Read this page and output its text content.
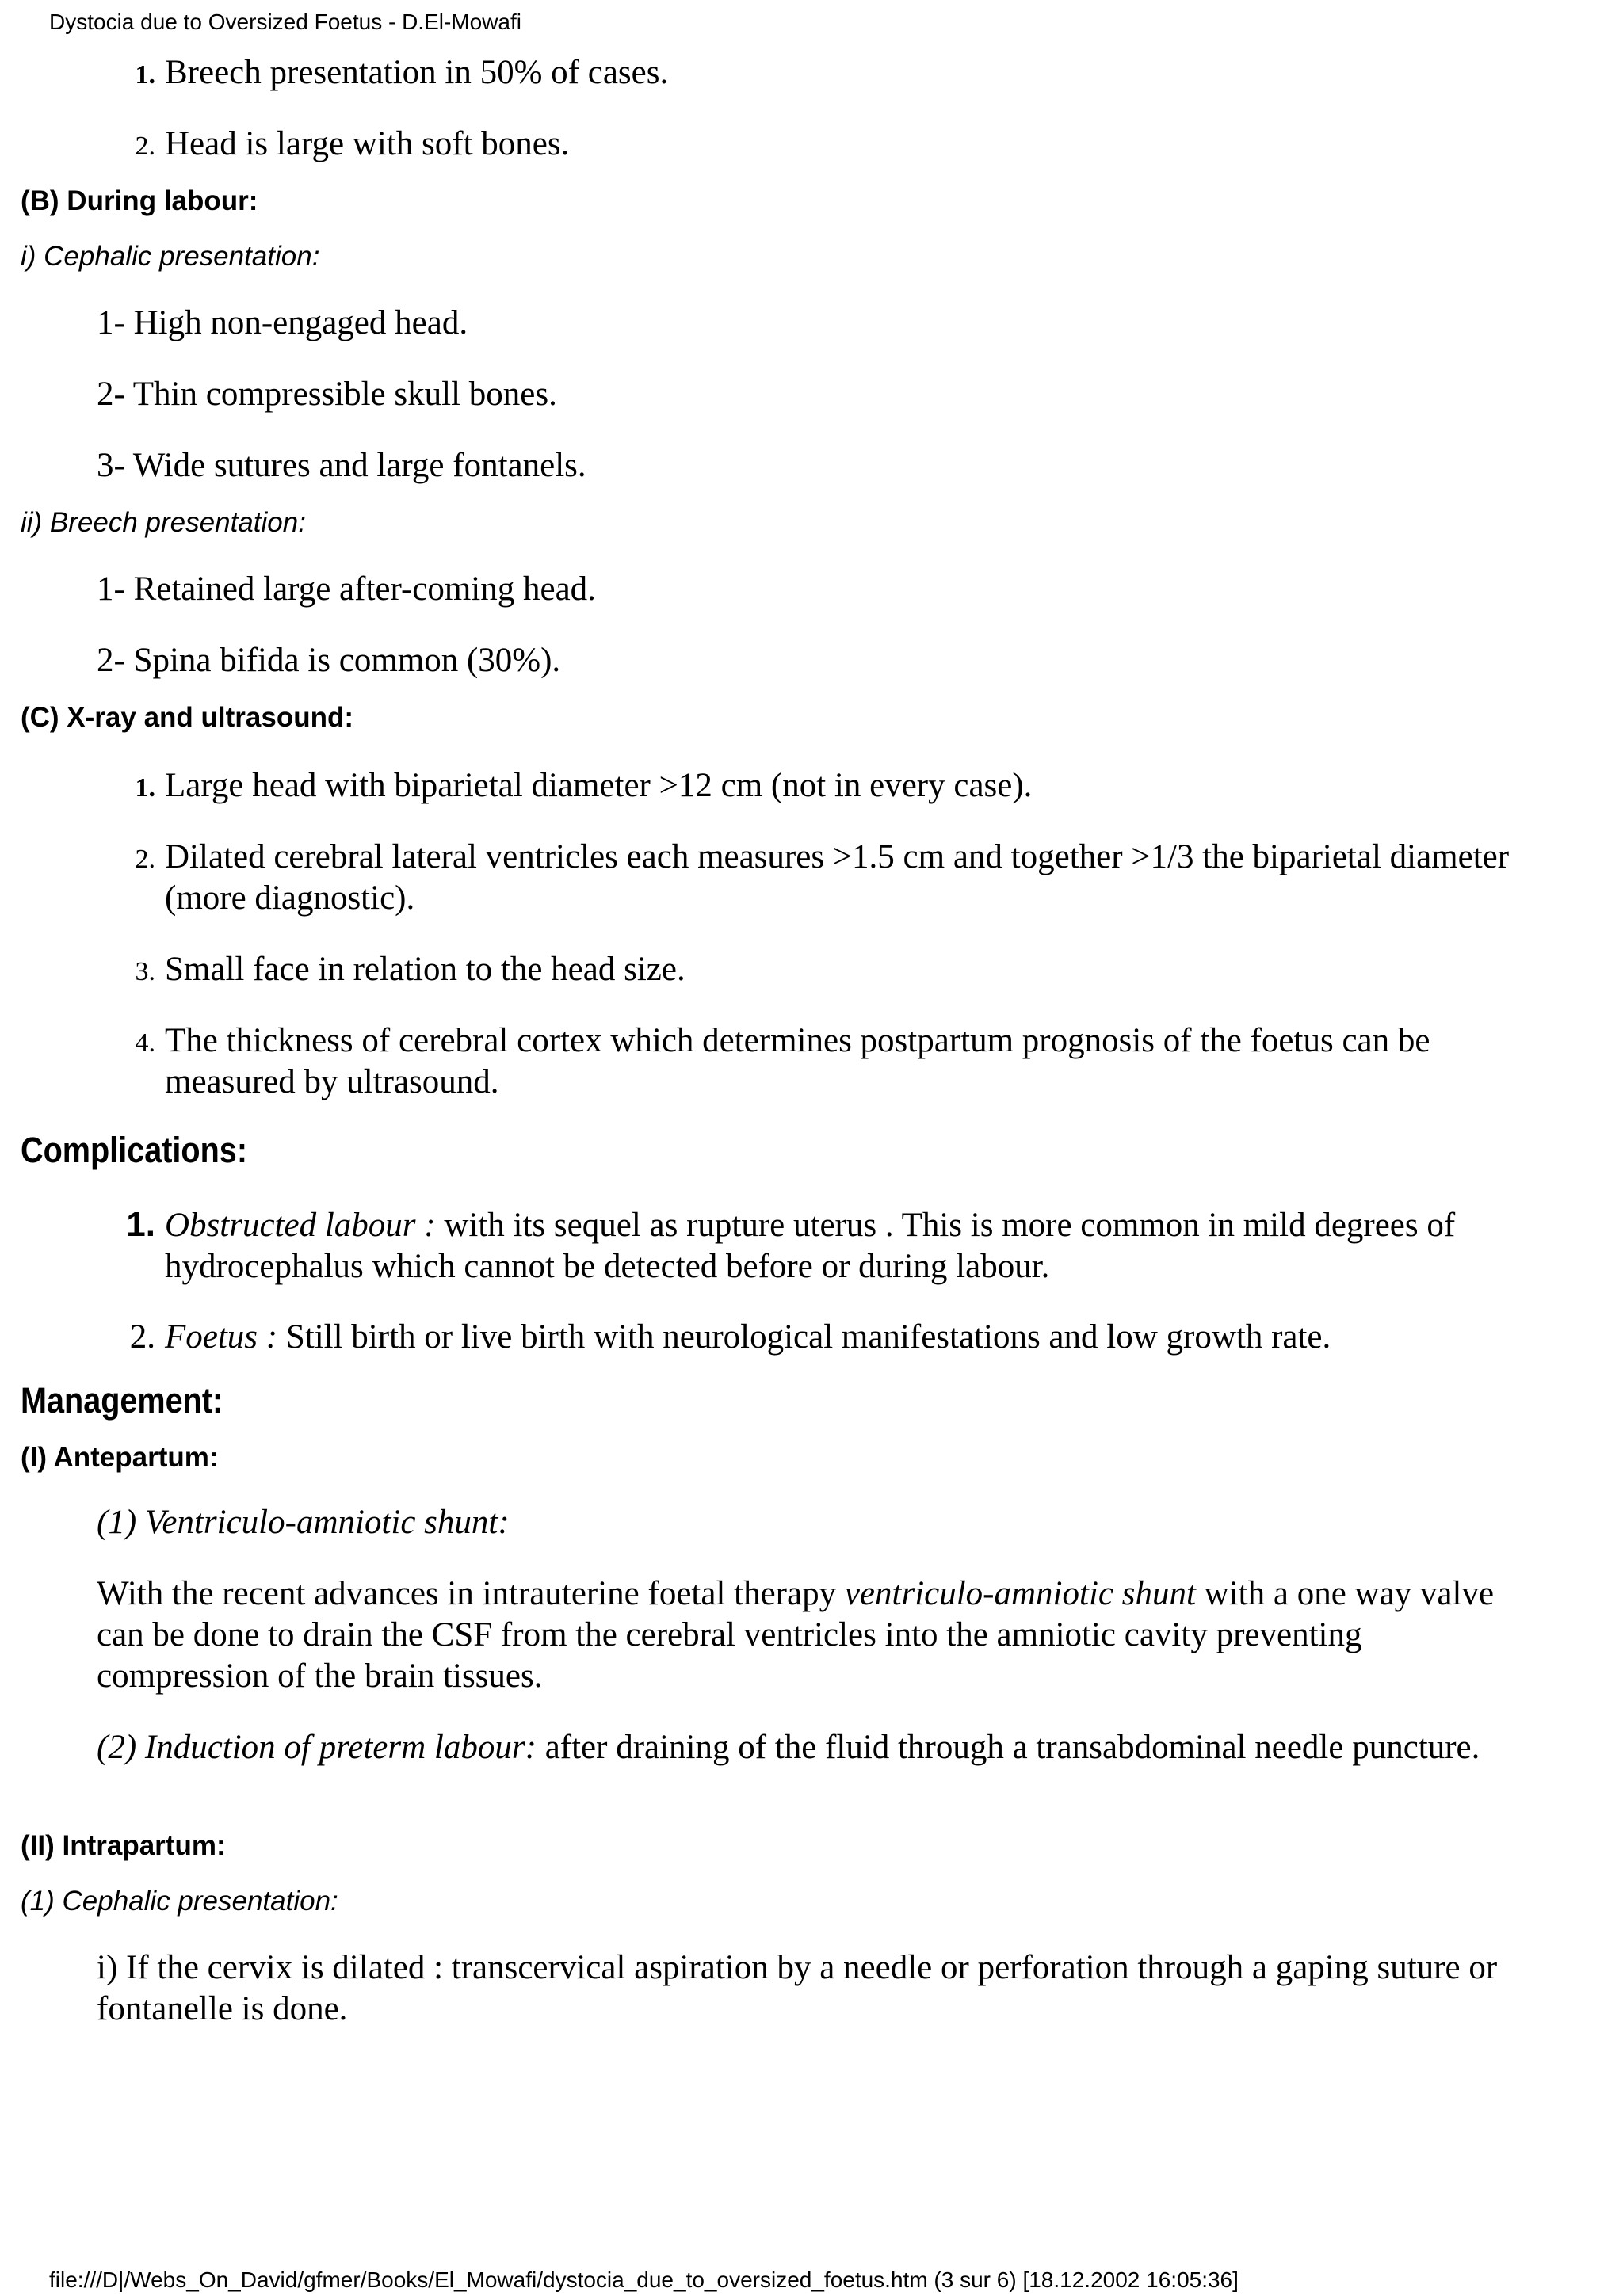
Dystocia due to Oversized Foetus - D.El-Mowafi

1. Breech presentation in 50% of cases.
2. Head is large with soft bones.

(B) During labour:

i) Cephalic presentation:

1- High non-engaged head.

2- Thin compressible skull bones.

3- Wide sutures and large fontanels.

ii) Breech presentation:

1- Retained large after-coming head.

2- Spina bifida is common (30%).

(C) X-ray and ultrasound:

1. Large head with biparietal diameter >12 cm (not in every case).
2. Dilated cerebral lateral ventricles each measures >1.5 cm and together >1/3 the biparietal diameter (more diagnostic).
3. Small face in relation to the head size.
4. The thickness of cerebral cortex which determines postpartum prognosis of the foetus can be measured by ultrasound.

Complications:

1. Obstructed labour : with its sequel as rupture uterus . This is more common in mild degrees of hydrocephalus which cannot be detected before or during labour.
2. Foetus : Still birth or live birth with neurological manifestations and low growth rate.

Management:

(I) Antepartum:

(1) Ventriculo-amniotic shunt:

With the recent advances in intrauterine foetal therapy ventriculo-amniotic shunt with a one way valve can be done to drain the CSF from the cerebral ventricles into the amniotic cavity preventing compression of the brain tissues.

(2) Induction of preterm labour: after draining of the fluid through a transabdominal needle puncture.

(II) Intrapartum:

(1) Cephalic presentation:

i) If the cervix is dilated : transcervical aspiration by a needle or perforation through a gaping suture or fontanelle is done.

file:///D|/Webs_On_David/gfmer/Books/El_Mowafi/dystocia_due_to_oversized_foetus.htm (3 sur 6) [18.12.2002 16:05:36]
